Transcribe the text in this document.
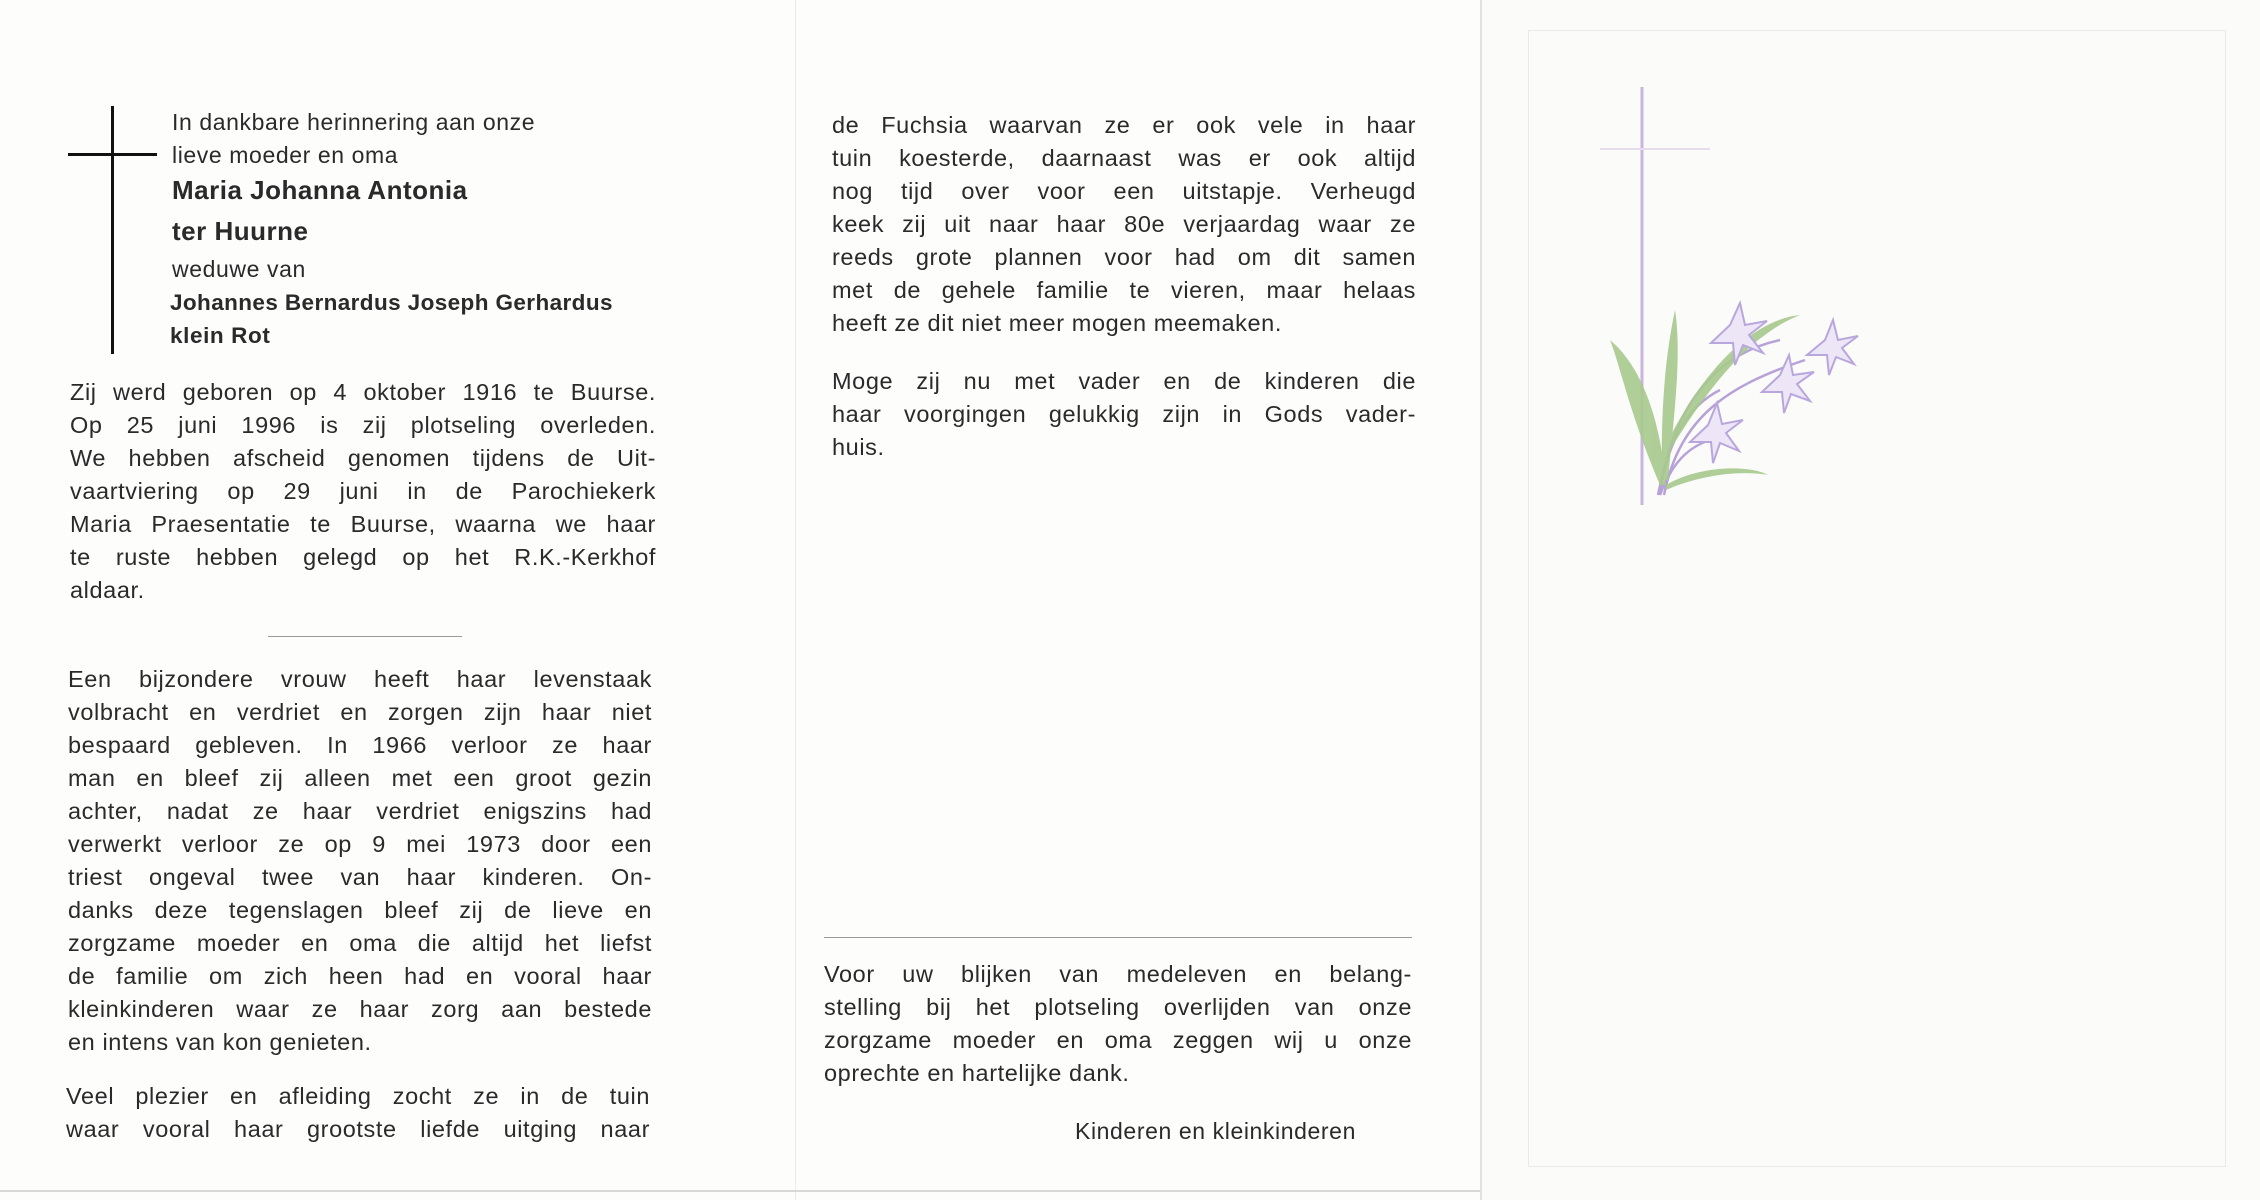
In dankbare herinnering aan onze
lieve moeder en oma
Maria Johanna Antonia
ter Huurne
weduwe van
Johannes Bernardus Joseph Gerhardus
klein Rot
Zij werd geboren op 4 oktober 1916 te Buurse.
Op 25 juni 1996 is zij plotseling overleden.
We hebben afscheid genomen tijdens de Uit-
vaartviering op 29 juni in de Parochiekerk
Maria Praesentatie te Buurse, waarna we haar
te ruste hebben gelegd op het R.K.-Kerkhof
aldaar.
Een bijzondere vrouw heeft haar levenstaak
volbracht en verdriet en zorgen zijn haar niet
bespaard gebleven. In 1966 verloor ze haar
man en bleef zij alleen met een groot gezin
achter, nadat ze haar verdriet enigszins had
verwerkt verloor ze op 9 mei 1973 door een
triest ongeval twee van haar kinderen. On-
danks deze tegenslagen bleef zij de lieve en
zorgzame moeder en oma die altijd het liefst
de familie om zich heen had en vooral haar
kleinkinderen waar ze haar zorg aan bestede
en intens van kon genieten.
Veel plezier en afleiding zocht ze in de tuin
waar vooral haar grootste liefde uitging naar
de Fuchsia waarvan ze er ook vele in haar
tuin koesterde, daarnaast was er ook altijd
nog tijd over voor een uitstapje. Verheugd
keek zij uit naar haar 80e verjaardag waar ze
reeds grote plannen voor had om dit samen
met de gehele familie te vieren, maar helaas
heeft ze dit niet meer mogen meemaken.
Moge zij nu met vader en de kinderen die
haar voorgingen gelukkig zijn in Gods vader-
huis.
Voor uw blijken van medeleven en belang-
stelling bij het plotseling overlijden van onze
zorgzame moeder en oma zeggen wij u onze
oprechte en hartelijke dank.
Kinderen en kleinkinderen
